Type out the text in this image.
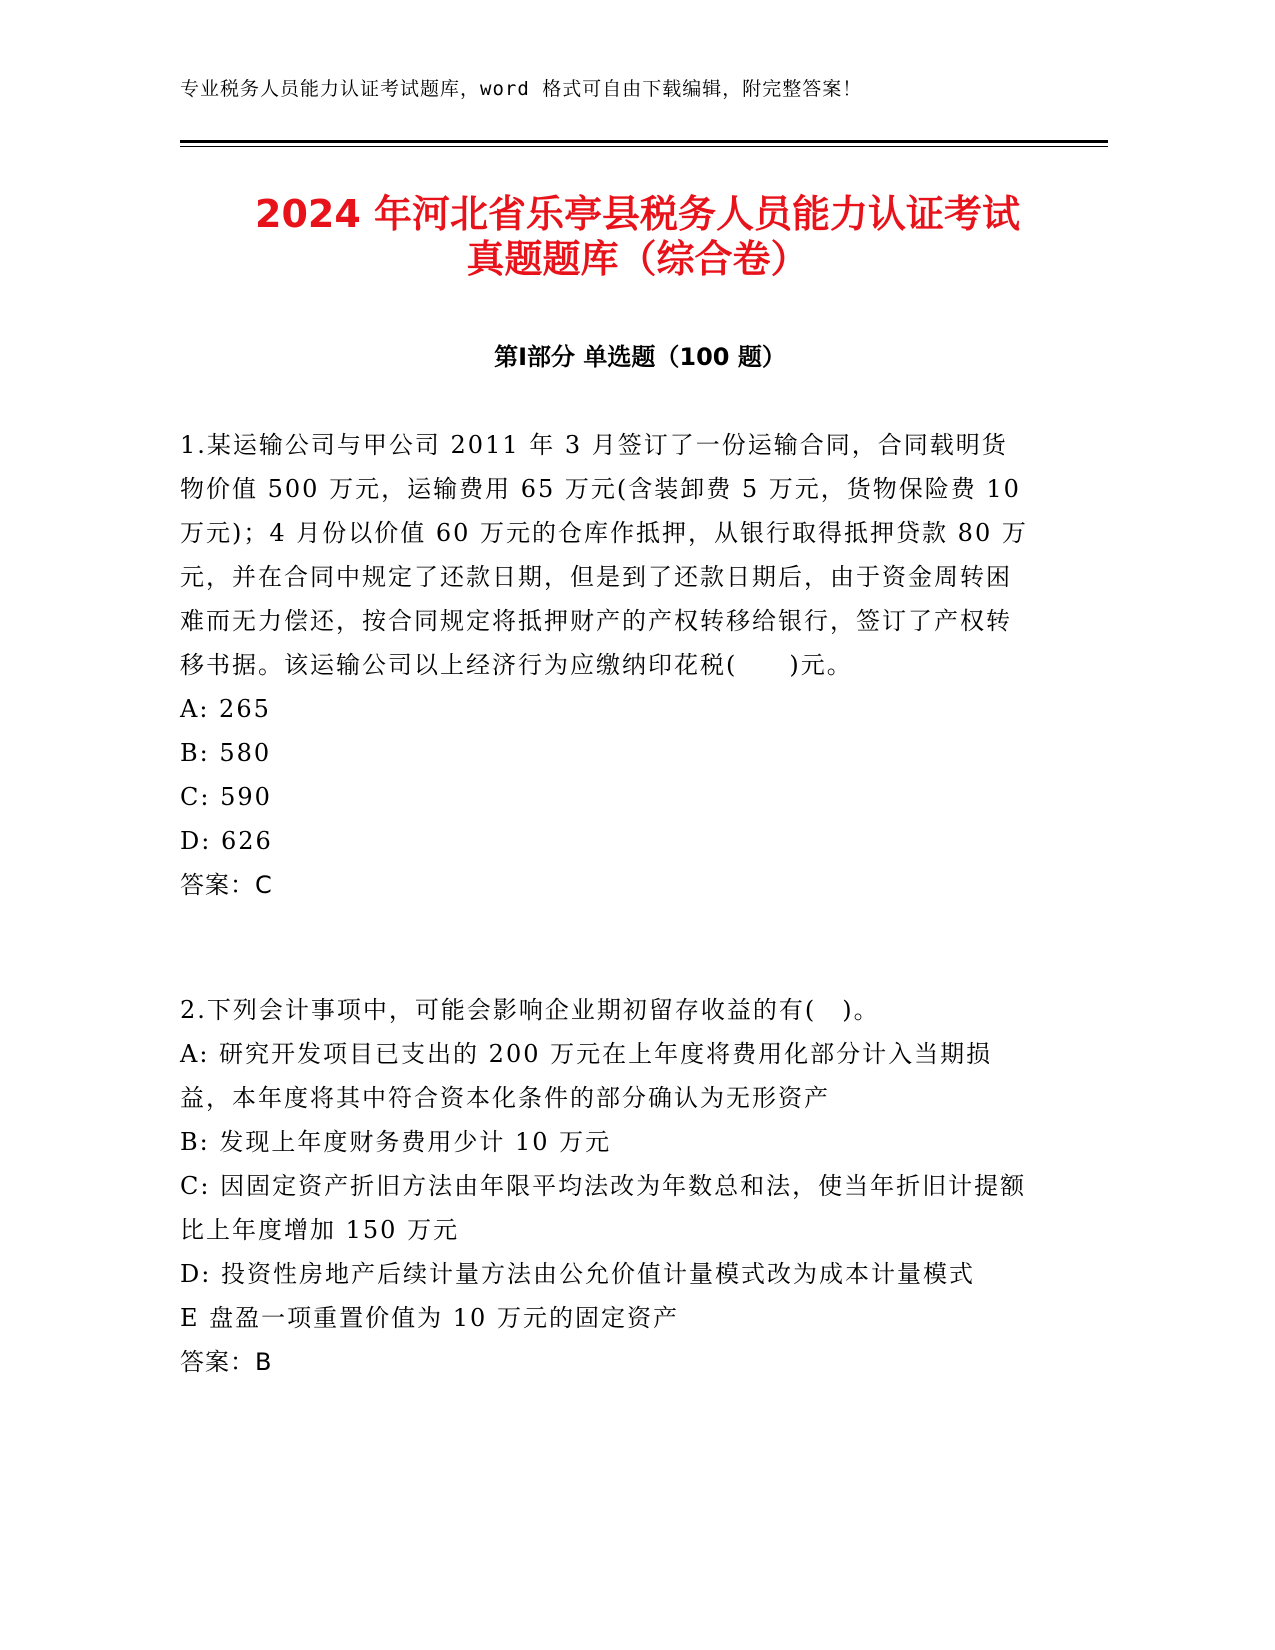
专业税务人员能力认证考试题库，word 格式可自由下载编辑，附完整答案！
2024 年河北省乐亭县税务人员能力认证考试
真题题库（综合卷）
第Ⅰ部分 单选题（100 题）

1.某运输公司与甲公司 2011 年 3 月签订了一份运输合同，合同载明货物价值 500 万元，运输费用 65 万元(含装卸费 5 万元，货物保险费 10 万元)；4 月份以价值 60 万元的仓库作抵押，从银行取得抵押贷款 80 万元，并在合同中规定了还款日期，但是到了还款日期后，由于资金周转困难而无力偿还，按合同规定将抵押财产的产权转移给银行，签订了产权转移书据。该运输公司以上经济行为应缴纳印花税(　　)元。

A: 265

B: 580

C: 590

D: 626

答案：C

2.下列会计事项中，可能会影响企业期初留存收益的有(　)。

A: 研究开发项目已支出的 200 万元在上年度将费用化部分计入当期损益，本年度将其中符合资本化条件的部分确认为无形资产

B: 发现上年度财务费用少计 10 万元

C: 因固定资产折旧方法由年限平均法改为年数总和法，使当年折旧计提额比上年度增加 150 万元

D: 投资性房地产后续计量方法由公允价值计量模式改为成本计量模式

E 盘盈一项重置价值为 10 万元的固定资产

答案：B
